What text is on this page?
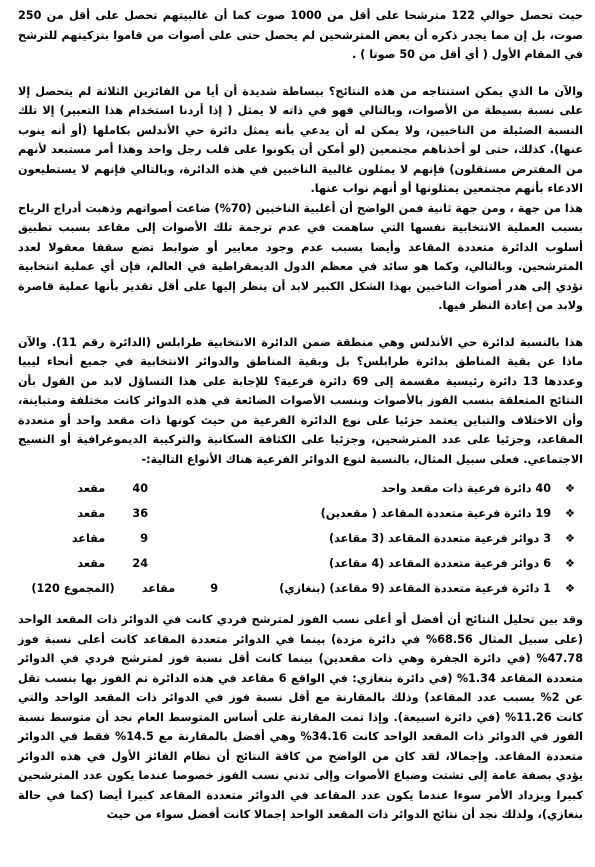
حيث تحصل حوالي 122 مترشحا على أقل من 1000 صوت كما أن غالبيتهم تحصل على أقل من 250 صوت، بل إن مما يجدر ذكره أن بعض المترشحين لم يحصل حتى على أصوات من قاموا بتزكيتهم للترشح في المقام الأول ( أي أقل من 50 صوتا ) .

والآن ما الذي يمكن استنتاجه من هذه النتائج؟ ببساطة شديدة أن أيا من الفائزين الثلاثة لم يتحصل إلا على نسبة بسيطة من الأصوات، وبالتالي فهو في ذاته لا يمثل ( إذا أردنا استخدام هذا التعبير) إلا تلك النسبة الضئيلة من الناخبين، ولا يمكن له أن يدعي بأنه يمثل دائرة حي الأندلس بكاملها (أو أنه ينوب عنها). كذلك، حتى لو أخذناهم مجتمعين (لو أمكن أن يكونوا على قلب رجل واحد وهذا أمر مستبعد لأنهم من المفترض مستقلون) فإنهم لا يمثلون غالبية الناخبين في هذه الدائرة، وبالتالي فإنهم لا يستطيعون الادعاء بأنهم مجتمعين يمثلونها أو أنهم نواب عنها.

هذا من جهة ، ومن جهة ثانية فمن الواضح أن أغلبية الناخبين (70%) ضاعت أصواتهم وذهبت أدراج الرياح بسبب العملية الانتخابية نفسها التي ساهمت في عدم ترجمة تلك الأصوات إلى مقاعد بسبب تطبيق أسلوب الدائرة متعددة المقاعد وأيضا بسبب عدم وجود معايير أو ضوابط تضع سقفا معقولا لعدد المترشحين. وبالتالي، وكما هو سائد في معظم الدول الديمقراطية في العالم، فإن أي عملية انتخابية تؤدي إلى هدر أصوات الناخبين بهذا الشكل الكبير لابد أن ينظر إليها على أقل تقدير بأنها عملية قاصرة ولابد من إعادة النظر فيها.

هذا بالنسبة لدائرة حي الأندلس وهي منطقة ضمن الدائرة الانتخابية طرابلس (الدائرة رقم 11). والآن ماذا عن بقية المناطق بدائرة طرابلس؟ بل وبقية المناطق والدوائر الانتخابية في جميع أنحاء ليبيا وعددها 13 دائرة رئيسية مقسمة إلى 69 دائرة فرعية؟ للإجابة على هذا التساؤل لابد من القول بأن النتائج المتعلقة بنسب الفوز بالأصوات وبنسب الأصوات الضائعة في هذه الدوائر كانت مختلفة ومتباينة، وأن الاختلاف والتباين يعتمد جزئيا على نوع الدائرة الفرعية من حيث كونها ذات مقعد واحد أو متعددة المقاعد، وجزئيا على عدد المترشحين، وجزئيا على الكثافة السكانية والتركيبة الديموغرافية أو النسيج الاجتماعي. فعلى سبيل المثال، بالنسبة لنوع الدوائر الفرعية هناك الأنواع التالية:-

❖
40 دائرة فرعية ذات مقعد واحد
40       مقعد
❖
19 دائرة فرعية متعددة المقاعد ( مقعدين)
36       مقعد
❖
3 دوائر فرعية متعددة المقاعد (3 مقاعد)
9         مقاعد
❖
6 دوائر فرعية متعددة المقاعد (4 مقاعد)
24       مقعد
❖
1 دائرة فرعية متعددة المقاعد (9 مقاعد) (بنغازي)
9         مقاعد       (المجموع 120)

وقد بين تحليل النتائج أن أفضل أو أعلى نسب الفوز لمترشح فردي كانت في الدوائر ذات المقعد الواحد (على سبيل المثال 68.56% في دائرة مزدة) بينما في الدوائر متعددة المقاعد كانت أعلى نسبة فوز 47.78% (في دائرة الجفرة وهي ذات مقعدين) بينما كانت أقل نسبة فوز لمترشح فردي في الدوائر متعددة المقاعد 1.34% (في دائرة بنغازي: في الواقع 6 مقاعد في هذه الدائرة تم الفوز بها بنسب تقل عن 2% بسبب عدد المقاعد) وذلك بالمقارنة مع أقل نسبة فوز في الدوائر ذات المقعد الواحد والتي كانت 11.26% (في دائرة اسبيعة). وإذا تمت المقارنة على أساس المتوسط العام نجد أن متوسط نسبة الفوز في الدوائر ذات المقعد الواحد كانت 34.16% وهي أفضل بالمقارنة مع 14.5% فقط في الدوائر متعددة المقاعد. وإجمالا، لقد كان من الواضح من كافة النتائج أن نظام الفائز الأول في هذه الدوائر يؤدي بصفة عامة إلى تشتت وضياع الأصوات وإلى تدني نسب الفوز خصوصا عندما يكون عدد المترشحين كبيرا ويزداد الأمر سوءا عندما يكون عدد المقاعد في الدوائر متعددة المقاعد كبيرا أيضا (كما في حالة بنغازي)، ولذلك نجد أن نتائج الدوائر ذات المقعد الواحد إجمالا كانت أفضل سواء من حيث
